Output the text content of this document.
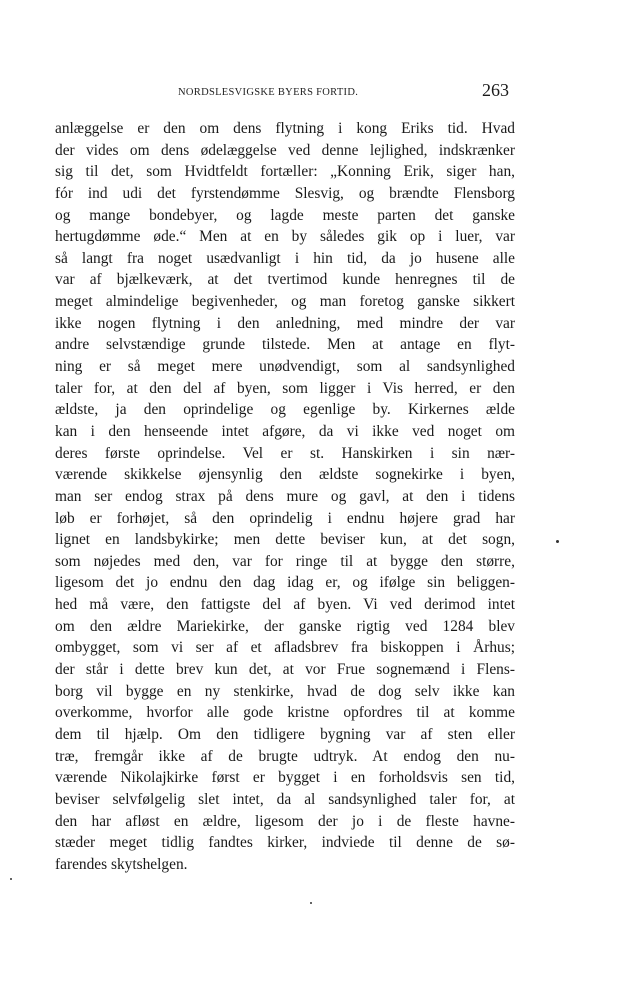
NORDSLESVIGSKE BYERS FORTID.	263
anlæggelse er den om dens flytning i kong Eriks tid. Hvad
der vides om dens ødelæggelse ved denne lejlighed, indskrænker
sig til det, som Hvidtfeldt fortæller: „Konning Erik, siger han,
fór ind udi det fyrstendømme Slesvig, og brændte Flensborg
og mange bondebyer, og lagde meste parten det ganske
hertugdømme øde.“ Men at en by således gik op i luer, var
så langt fra noget usædvanligt i hin tid, da jo husene alle
var af bjælkeværk, at det tvertimod kunde henregnes til de
meget almindelige begivenheder, og man foretog ganske sikkert
ikke nogen flytning i den anledning, med mindre der var
andre selvstændige grunde tilstede. Men at antage en flyt-
ning er så meget mere unødvendigt, som al sandsynlighed
taler for, at den del af byen, som ligger i Vis herred, er den
ældste, ja den oprindelige og egenlige by. Kirkernes ælde
kan i den henseende intet afgøre, da vi ikke ved noget om
deres første oprindelse. Vel er st. Hanskirken i sin nær-
værende skikkelse øjensynlig den ældste sognekirke i byen,
man ser endog strax på dens mure og gavl, at den i tidens
løb er forhøjet, så den oprindelig i endnu højere grad har
lignet en landsbykirke; men dette beviser kun, at det sogn,
som nøjedes med den, var for ringe til at bygge den større,
ligesom det jo endnu den dag idag er, og ifølge sin beliggen-
hed må være, den fattigste del af byen. Vi ved derimod intet
om den ældre Mariekirke, der ganske rigtig ved 1284 blev
ombygget, som vi ser af et afladsbrev fra biskoppen i Århus;
der står i dette brev kun det, at vor Frue sognemænd i Flens-
borg vil bygge en ny stenkirke, hvad de dog selv ikke kan
overkomme, hvorfor alle gode kristne opfordres til at komme
dem til hjælp. Om den tidligere bygning var af sten eller
træ, fremgår ikke af de brugte udtryk. At endog den nu-
værende Nikolajkirke først er bygget i en forholdsvis sen tid,
beviser selvfølgelig slet intet, da al sandsynlighed taler for, at
den har afløst en ældre, ligesom der jo i de fleste havne-
stæder meget tidlig fandtes kirker, indviede til denne de sø-
farendes skytshelgen.
